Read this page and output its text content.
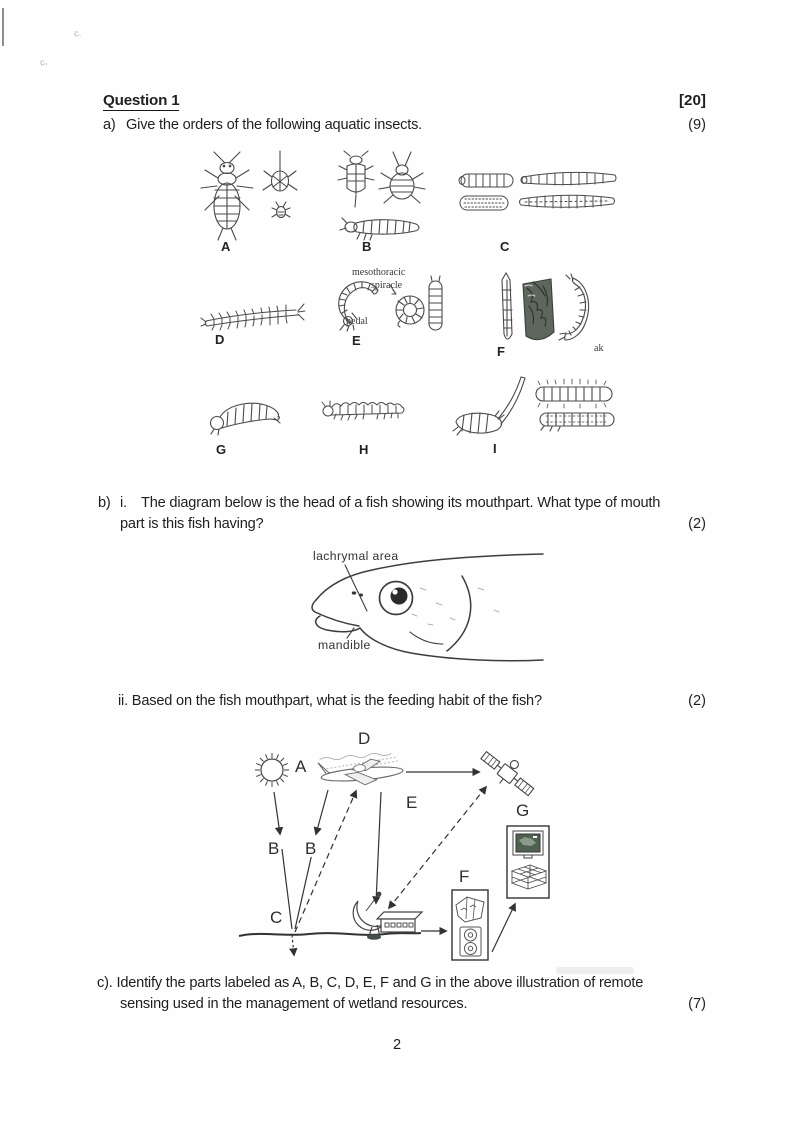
c.
c,
Question 1	[20]
a) Give the orders of the following aquatic insects.	(9)
A	B	C
D	E
F
G	H	I
mesothoracic
spiracle
pedal
ak
b) i. The diagram below is the head of a fish showing its mouthpart. What type of mouth
part is this fish having?	(2)
lachrymal area
mandible
ii. Based on the fish mouthpart, what is the feeding habit of the fish?	(2)
A
D
B B
C
E
F
G
c). Identify the parts labeled as A, B, C, D, E, F and G in the above illustration of remote
sensing used in the management of wetland resources.	(7)
2
